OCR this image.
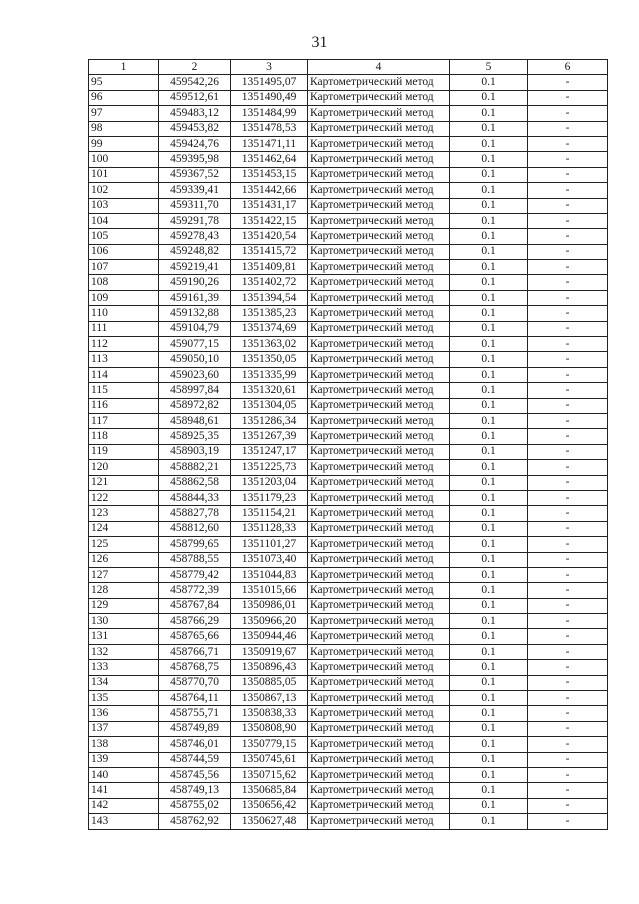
31
1	2	3	4	5	6
95	459542,26	1351495,07	Картометрический метод	0.1	-
96	459512,61	1351490,49	Картометрический метод	0.1	-
97	459483,12	1351484,99	Картометрический метод	0.1	-
98	459453,82	1351478,53	Картометрический метод	0.1	-
99	459424,76	1351471,11	Картометрический метод	0.1	-
100	459395,98	1351462,64	Картометрический метод	0.1	-
101	459367,52	1351453,15	Картометрический метод	0.1	-
102	459339,41	1351442,66	Картометрический метод	0.1	-
103	459311,70	1351431,17	Картометрический метод	0.1	-
104	459291,78	1351422,15	Картометрический метод	0.1	-
105	459278,43	1351420,54	Картометрический метод	0.1	-
106	459248,82	1351415,72	Картометрический метод	0.1	-
107	459219,41	1351409,81	Картометрический метод	0.1	-
108	459190,26	1351402,72	Картометрический метод	0.1	-
109	459161,39	1351394,54	Картометрический метод	0.1	-
110	459132,88	1351385,23	Картометрический метод	0.1	-
111	459104,79	1351374,69	Картометрический метод	0.1	-
112	459077,15	1351363,02	Картометрический метод	0.1	-
113	459050,10	1351350,05	Картометрический метод	0.1	-
114	459023,60	1351335,99	Картометрический метод	0.1	-
115	458997,84	1351320,61	Картометрический метод	0.1	-
116	458972,82	1351304,05	Картометрический метод	0.1	-
117	458948,61	1351286,34	Картометрический метод	0.1	-
118	458925,35	1351267,39	Картометрический метод	0.1	-
119	458903,19	1351247,17	Картометрический метод	0.1	-
120	458882,21	1351225,73	Картометрический метод	0.1	-
121	458862,58	1351203,04	Картометрический метод	0.1	-
122	458844,33	1351179,23	Картометрический метод	0.1	-
123	458827,78	1351154,21	Картометрический метод	0.1	-
124	458812,60	1351128,33	Картометрический метод	0.1	-
125	458799,65	1351101,27	Картометрический метод	0.1	-
126	458788,55	1351073,40	Картометрический метод	0.1	-
127	458779,42	1351044,83	Картометрический метод	0.1	-
128	458772,39	1351015,66	Картометрический метод	0.1	-
129	458767,84	1350986,01	Картометрический метод	0.1	-
130	458766,29	1350966,20	Картометрический метод	0.1	-
131	458765,66	1350944,46	Картометрический метод	0.1	-
132	458766,71	1350919,67	Картометрический метод	0.1	-
133	458768,75	1350896,43	Картометрический метод	0.1	-
134	458770,70	1350885,05	Картометрический метод	0.1	-
135	458764,11	1350867,13	Картометрический метод	0.1	-
136	458755,71	1350838,33	Картометрический метод	0.1	-
137	458749,89	1350808,90	Картометрический метод	0.1	-
138	458746,01	1350779,15	Картометрический метод	0.1	-
139	458744,59	1350745,61	Картометрический метод	0.1	-
140	458745,56	1350715,62	Картометрический метод	0.1	-
141	458749,13	1350685,84	Картометрический метод	0.1	-
142	458755,02	1350656,42	Картометрический метод	0.1	-
143	458762,92	1350627,48	Картометрический метод	0.1	-
